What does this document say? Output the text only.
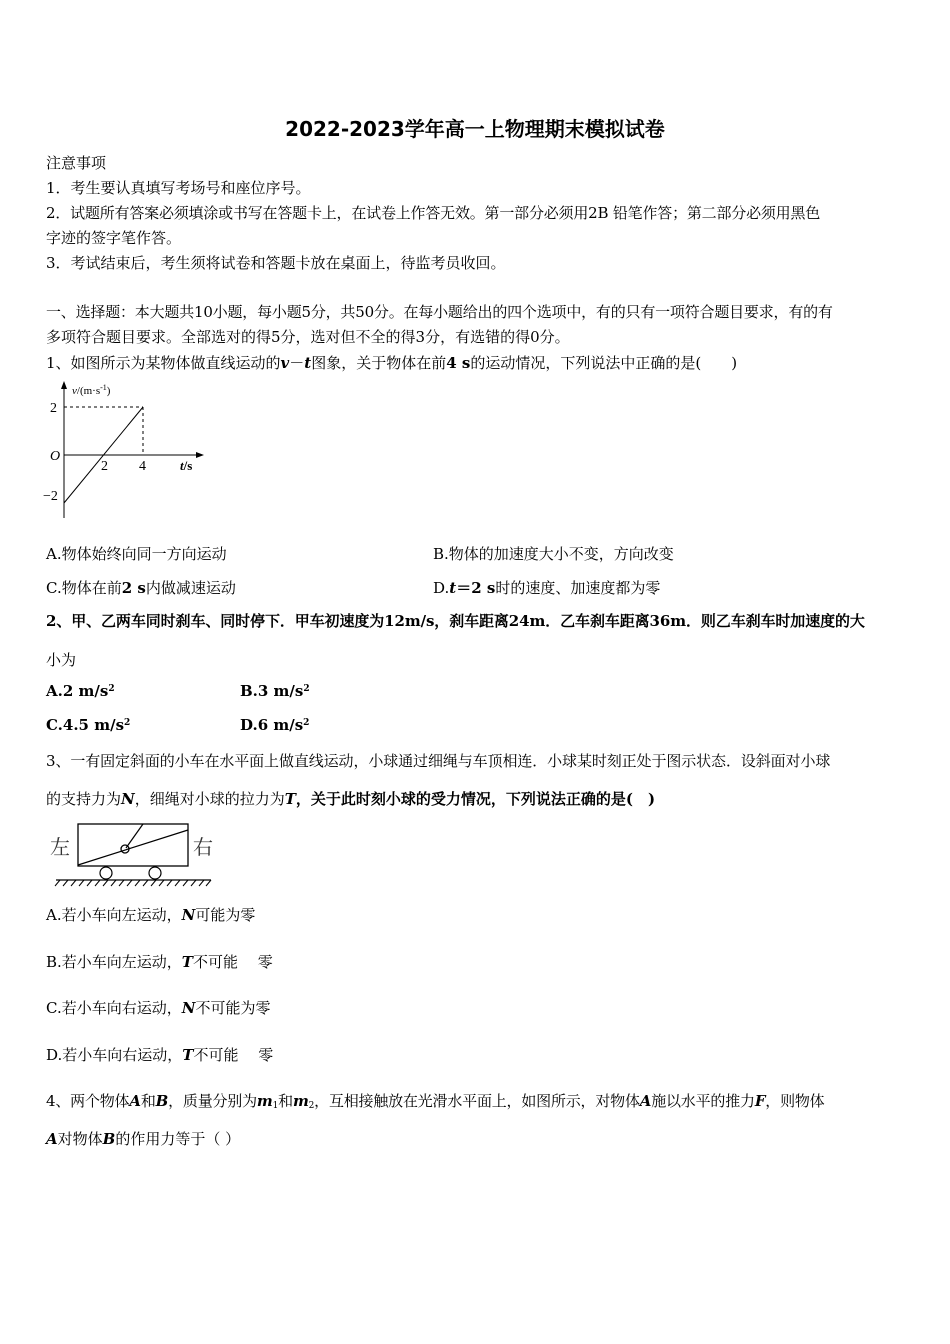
2022-2023学年高一上物理期末模拟试卷
注意事项
1．考生要认真填写考场号和座位序号。
2．试题所有答案必须填涂或书写在答题卡上，在试卷上作答无效。第一部分必须用2B 铅笔作答；第二部分必须用黑色
字迹的签字笔作答。
3．考试结束后，考生须将试卷和答题卡放在桌面上，待监考员收回。
一、选择题：本大题共10小题，每小题5分，共50分。在每小题给出的四个选项中，有的只有一项符合题目要求，有的有
多项符合题目要求。全部选对的得5分，选对但不全的得3分，有选错的得0分。
1、如图所示为某物体做直线运动的v－t图象，关于物体在前4 s的运动情况，下列说法中正确的是(　　)
$v/(m\cdot s^{-1})$
2
O
−2
2 4	t/s
A.物体始终向同一方向运动	B.物体的加速度大小不变，方向改变
C.物体在前2 s内做减速运动	D.t＝2 s时的速度、加速度都为零
2、甲、乙两车同时刹车、同时停下．甲车初速度为12m/s，刹车距离24m．乙车刹车距离36m．则乙车刹车时加速度的大
小为
A.2 $m/s^2$	B.3 $m/s^2$
C.4.5 $m/s^2$	D.6 $m/s^2$
3、一有固定斜面的小车在水平面上做直线运动，小球通过细绳与车顶相连．小球某时刻正处于图示状态．设斜面对小球
的支持力为N，细绳对小球的拉力为T，关于此时刻小球的受力情况，下列说法正确的是(　)
左	右
A.若小车向左运动，N可能为零
B.若小车向左运动，T不可能　 零
C.若小车向右运动，N不可能为零
D.若小车向右运动，T不可能　 零
4、两个物体A和B，质量分别为$m_1$和$m_2$，互相接触放在光滑水平面上，如图所示，对物体A施以水平的推力F，则物体
A对物体B的作用力等于（ ）
